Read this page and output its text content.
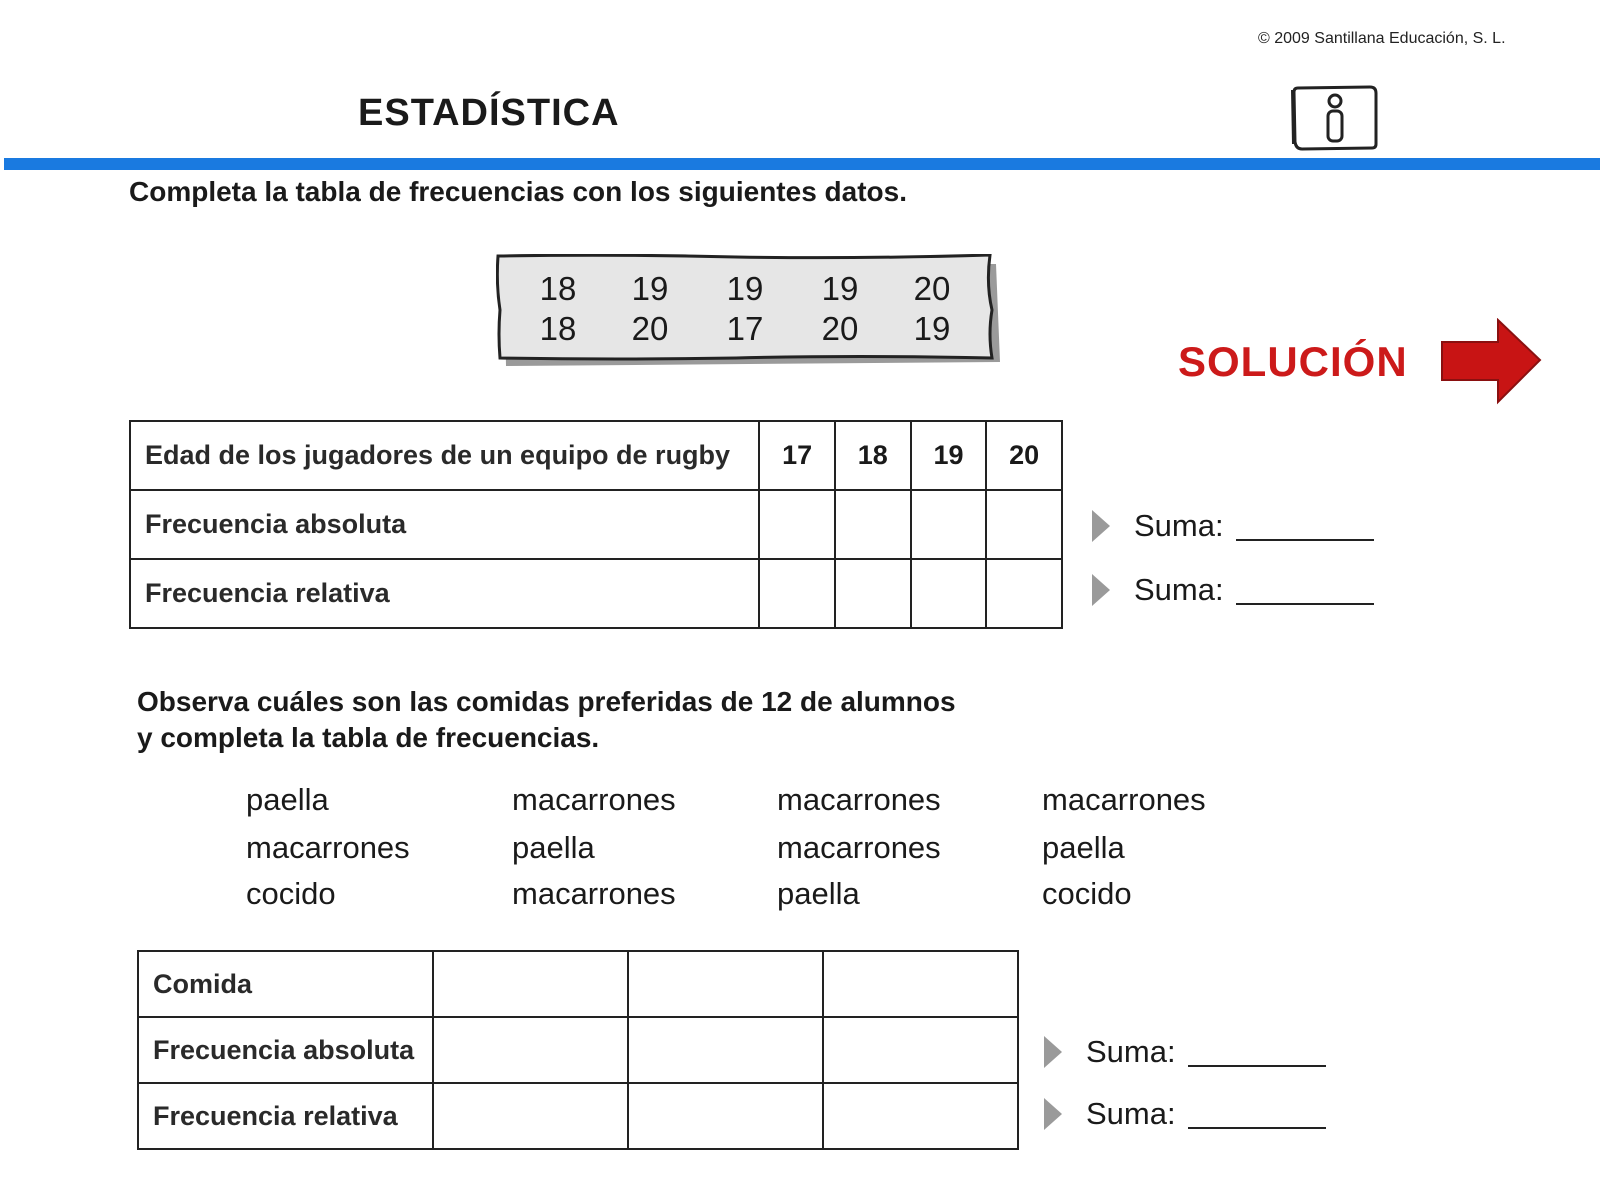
© 2009 Santillana Educación, S. L.
ESTADÍSTICA
Completa la tabla de frecuencias con los siguientes datos.
18	19	19	19	20
18	20	17	20	19
SOLUCIÓN
Edad de los jugadores de un equipo de rugby	17	18	19	20
Frecuencia absoluta				
Frecuencia relativa				
Suma:
Suma:
Observa cuáles son las comidas preferidas de 12 de alumnos
y completa la tabla de frecuencias.
paella	macarrones	macarrones	macarrones
macarrones	paella	macarrones	paella
cocido	macarrones	paella	cocido
Comida			
Frecuencia absoluta			
Frecuencia relativa			
Suma:
Suma:
